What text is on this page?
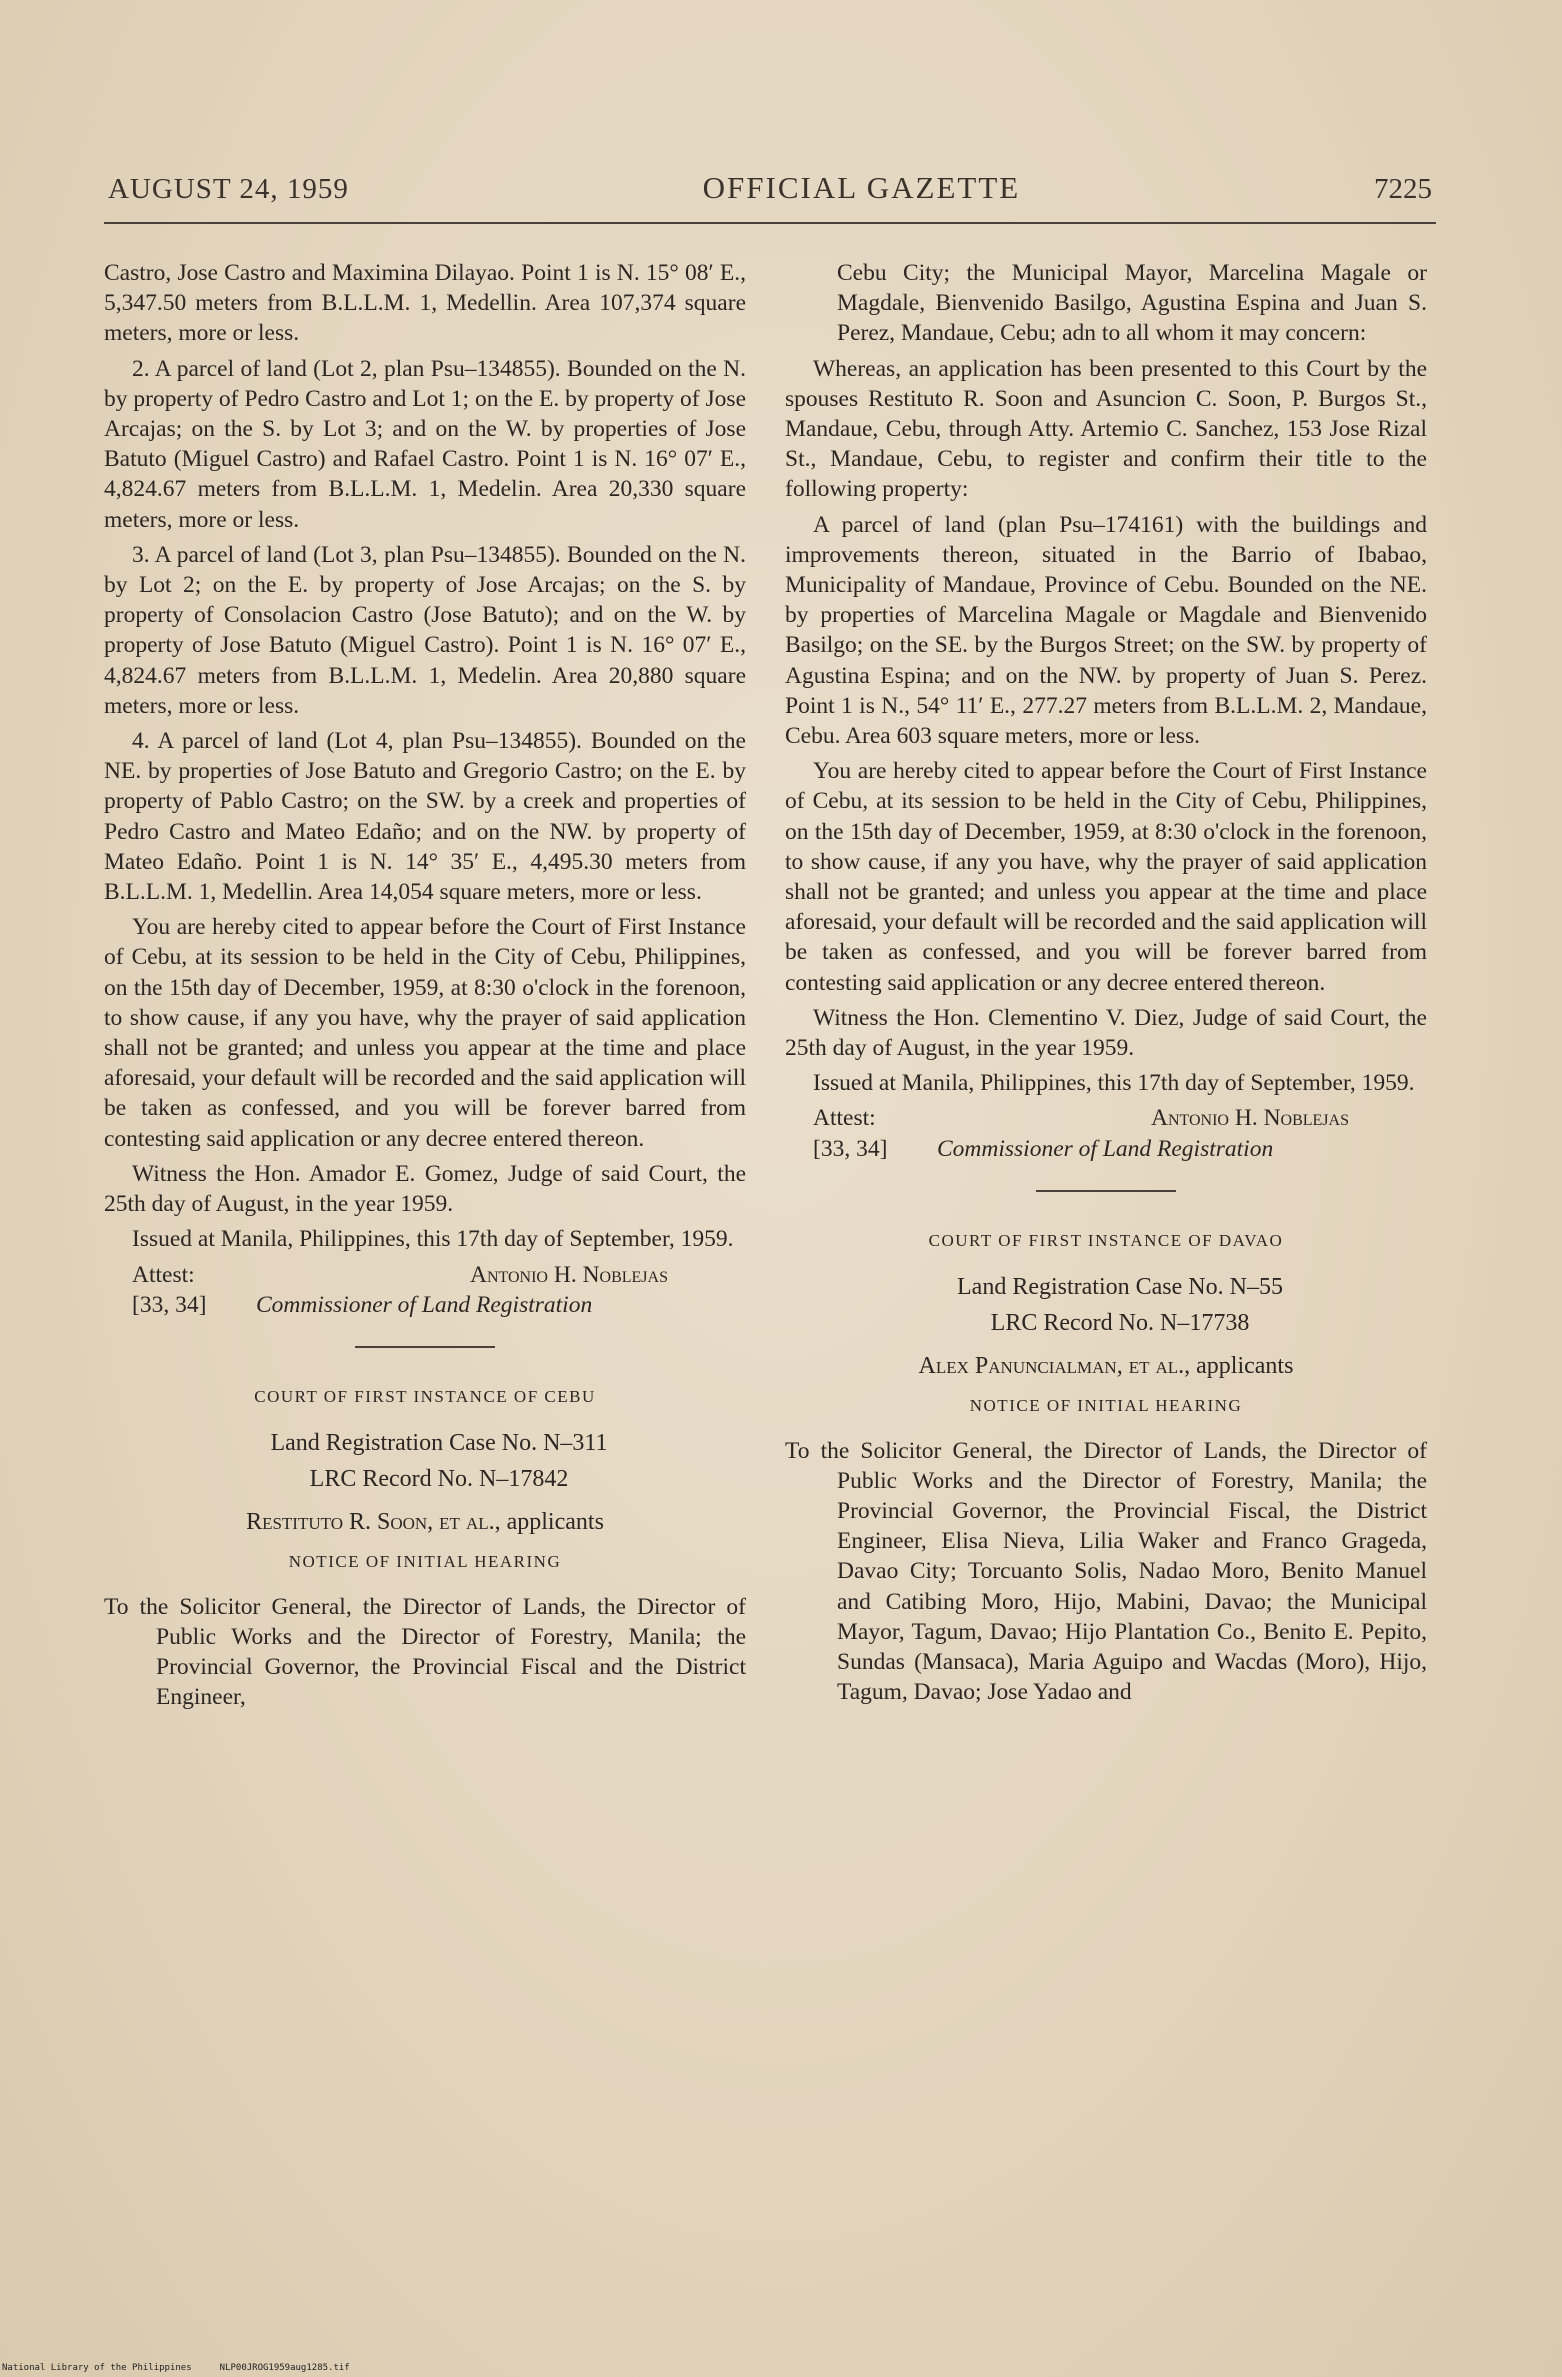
AUGUST 24, 1959	OFFICIAL GAZETTE	7225

Castro, Jose Castro and Maximina Dilayao. Point 1 is N. 15° 08′ E., 5,347.50 meters from B.L.L.M. 1, Medellin. Area 107,374 square meters, more or less.

2. A parcel of land (Lot 2, plan Psu–134855). Bounded on the N. by property of Pedro Castro and Lot 1; on the E. by property of Jose Arcajas; on the S. by Lot 3; and on the W. by properties of Jose Batuto (Miguel Castro) and Rafael Castro. Point 1 is N. 16° 07′ E., 4,824.67 meters from B.L.L.M. 1, Medelin. Area 20,330 square meters, more or less.

3. A parcel of land (Lot 3, plan Psu–134855). Bounded on the N. by Lot 2; on the E. by property of Jose Arcajas; on the S. by property of Consolacion Castro (Jose Batuto); and on the W. by property of Jose Batuto (Miguel Castro). Point 1 is N. 16° 07′ E., 4,824.67 meters from B.L.L.M. 1, Medelin. Area 20,880 square meters, more or less.

4. A parcel of land (Lot 4, plan Psu–134855). Bounded on the NE. by properties of Jose Batuto and Gregorio Castro; on the E. by property of Pablo Castro; on the SW. by a creek and properties of Pedro Castro and Mateo Edaño; and on the NW. by property of Mateo Edaño. Point 1 is N. 14° 35′ E., 4,495.30 meters from B.L.L.M. 1, Medellin. Area 14,054 square meters, more or less.

You are hereby cited to appear before the Court of First Instance of Cebu, at its session to be held in the City of Cebu, Philippines, on the 15th day of December, 1959, at 8:30 o'clock in the forenoon, to show cause, if any you have, why the prayer of said application shall not be granted; and unless you appear at the time and place aforesaid, your default will be recorded and the said application will be taken as confessed, and you will be forever barred from contesting said application or any decree entered thereon.

Witness the Hon. Amador E. Gomez, Judge of said Court, the 25th day of August, in the year 1959.

Issued at Manila, Philippines, this 17th day of September, 1959.

Attest:	Antonio H. Noblejas
[33, 34]	Commissioner of Land Registration
COURT OF FIRST INSTANCE OF CEBU

Land Registration Case No. N–311

LRC Record No. N–17842

Restituto R. Soon, et al., applicants
NOTICE OF INITIAL HEARING

To the Solicitor General, the Director of Lands, the Director of Public Works and the Director of Forestry, Manila; the Provincial Governor, the Provincial Fiscal and the District Engineer,

Cebu City; the Municipal Mayor, Marcelina Magale or Magdale, Bienvenido Basilgo, Agustina Espina and Juan S. Perez, Mandaue, Cebu; adn to all whom it may concern:

Whereas, an application has been presented to this Court by the spouses Restituto R. Soon and Asuncion C. Soon, P. Burgos St., Mandaue, Cebu, through Atty. Artemio C. Sanchez, 153 Jose Rizal St., Mandaue, Cebu, to register and confirm their title to the following property:

A parcel of land (plan Psu–174161) with the buildings and improvements thereon, situated in the Barrio of Ibabao, Municipality of Mandaue, Province of Cebu. Bounded on the NE. by properties of Marcelina Magale or Magdale and Bienvenido Basilgo; on the SE. by the Burgos Street; on the SW. by property of Agustina Espina; and on the NW. by property of Juan S. Perez. Point 1 is N., 54° 11′ E., 277.27 meters from B.L.L.M. 2, Mandaue, Cebu. Area 603 square meters, more or less.

You are hereby cited to appear before the Court of First Instance of Cebu, at its session to be held in the City of Cebu, Philippines, on the 15th day of December, 1959, at 8:30 o'clock in the forenoon, to show cause, if any you have, why the prayer of said application shall not be granted; and unless you appear at the time and place aforesaid, your default will be recorded and the said application will be taken as confessed, and you will be forever barred from contesting said application or any decree entered thereon.

Witness the Hon. Clementino V. Diez, Judge of said Court, the 25th day of August, in the year 1959.

Issued at Manila, Philippines, this 17th day of September, 1959.

Attest:	Antonio H. Noblejas
[33, 34]	Commissioner of Land Registration
COURT OF FIRST INSTANCE OF DAVAO

Land Registration Case No. N–55

LRC Record No. N–17738

Alex Panuncialman, et al., applicants
NOTICE OF INITIAL HEARING

To the Solicitor General, the Director of Lands, the Director of Public Works and the Director of Forestry, Manila; the Provincial Governor, the Provincial Fiscal, the District Engineer, Elisa Nieva, Lilia Waker and Franco Grageda, Davao City; Torcuanto Solis, Nadao Moro, Benito Manuel and Catibing Moro, Hijo, Mabini, Davao; the Municipal Mayor, Tagum, Davao; Hijo Plantation Co., Benito E. Pepito, Sundas (Mansaca), Maria Aguipo and Wacdas (Moro), Hijo, Tagum, Davao; Jose Yadao and

National Library of the Philippines	NLP00JROG1959aug1285.tif
